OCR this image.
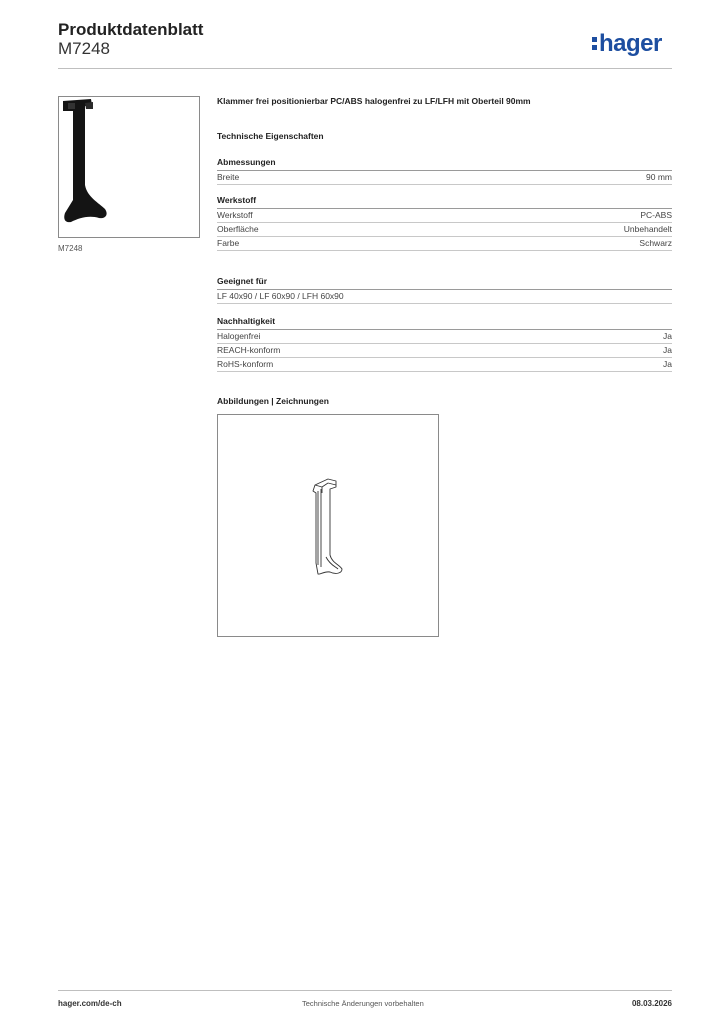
Produktdatenblatt
M7248	hager
M7248
Klammer frei positionierbar PC/ABS halogenfrei zu LF/LFH mit Oberteil 90mm
Technische Eigenschaften
Abmessungen
Breite	90 mm
Werkstoff
Werkstoff	PC-ABS
Oberfläche	Unbehandelt
Farbe	Schwarz
Geeignet für
LF 40x90 / LF 60x90 / LFH 60x90
Nachhaltigkeit
Halogenfrei	Ja
REACH-konform	Ja
RoHS-konform	Ja
Abbildungen | Zeichnungen
hager.com/de-ch	Technische Änderungen vorbehalten	08.03.2026
